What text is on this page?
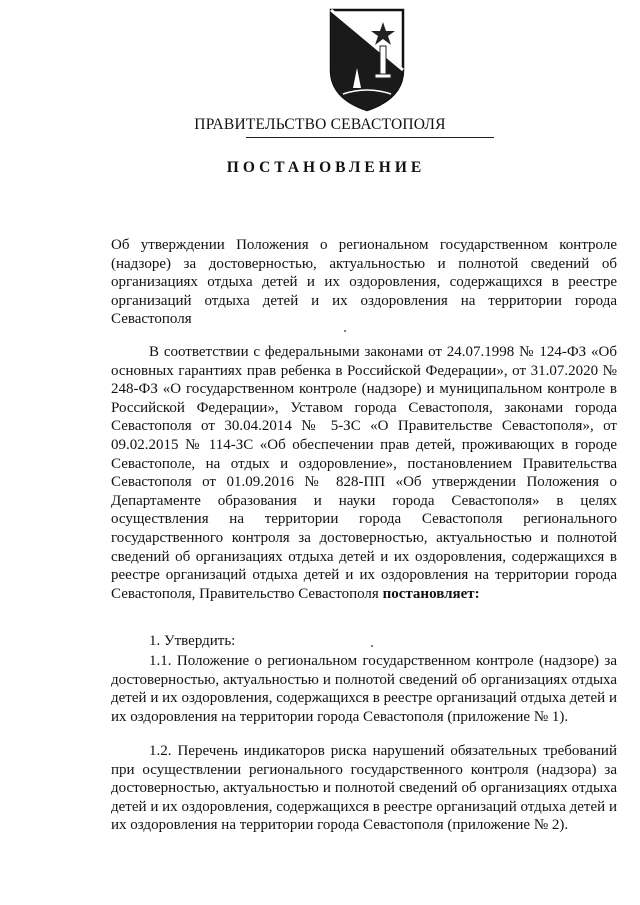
ПРАВИТЕЛЬСТВО СЕВАСТОПОЛЯ
ПОСТАНОВЛЕНИЕ

Об утверждении Положения о региональном государственном контроле (надзоре) за достоверностью, актуальностью и полнотой сведений об организациях отдыха детей и их оздоровления, содержащихся в реестре организаций отдыха детей и их оздоровления на территории города Севастополя

В соответствии с федеральными законами от 24.07.1998 № 124-ФЗ «Об основных гарантиях прав ребенка в Российской Федерации», от 31.07.2020 № 248-ФЗ «О государственном контроле (надзоре) и муниципальном контроле в Российской Федерации», Уставом города Севастополя, законами города Севастополя от 30.04.2014 № 5-ЗС «О Правительстве Севастополя», от 09.02.2015 № 114-ЗС «Об обеспечении прав детей, проживающих в городе Севастополе, на отдых и оздоровление», постановлением Правительства Севастополя от 01.09.2016 № 828-ПП «Об утверждении Положения о Департаменте образования и науки города Севастополя» в целях осуществления на территории города Севастополя регионального государственного контроля за достоверностью, актуальностью и полнотой сведений об организациях отдыха детей и их оздоровления, содержащихся в реестре организаций отдыха детей и их оздоровления на территории города Севастополя, Правительство Севастополя постановляет:

1. Утвердить:

1.1. Положение о региональном государственном контроле (надзоре) за достоверностью, актуальностью и полнотой сведений об организациях отдыха детей и их оздоровления, содержащихся в реестре организаций отдыха детей и их оздоровления на территории города Севастополя (приложение № 1).

1.2. Перечень индикаторов риска нарушений обязательных требований при осуществлении регионального государственного контроля (надзора) за достоверностью, актуальностью и полнотой сведений об организациях отдыха детей и их оздоровления, содержащихся в реестре организаций отдыха детей и их оздоровления на территории города Севастополя (приложение № 2).
